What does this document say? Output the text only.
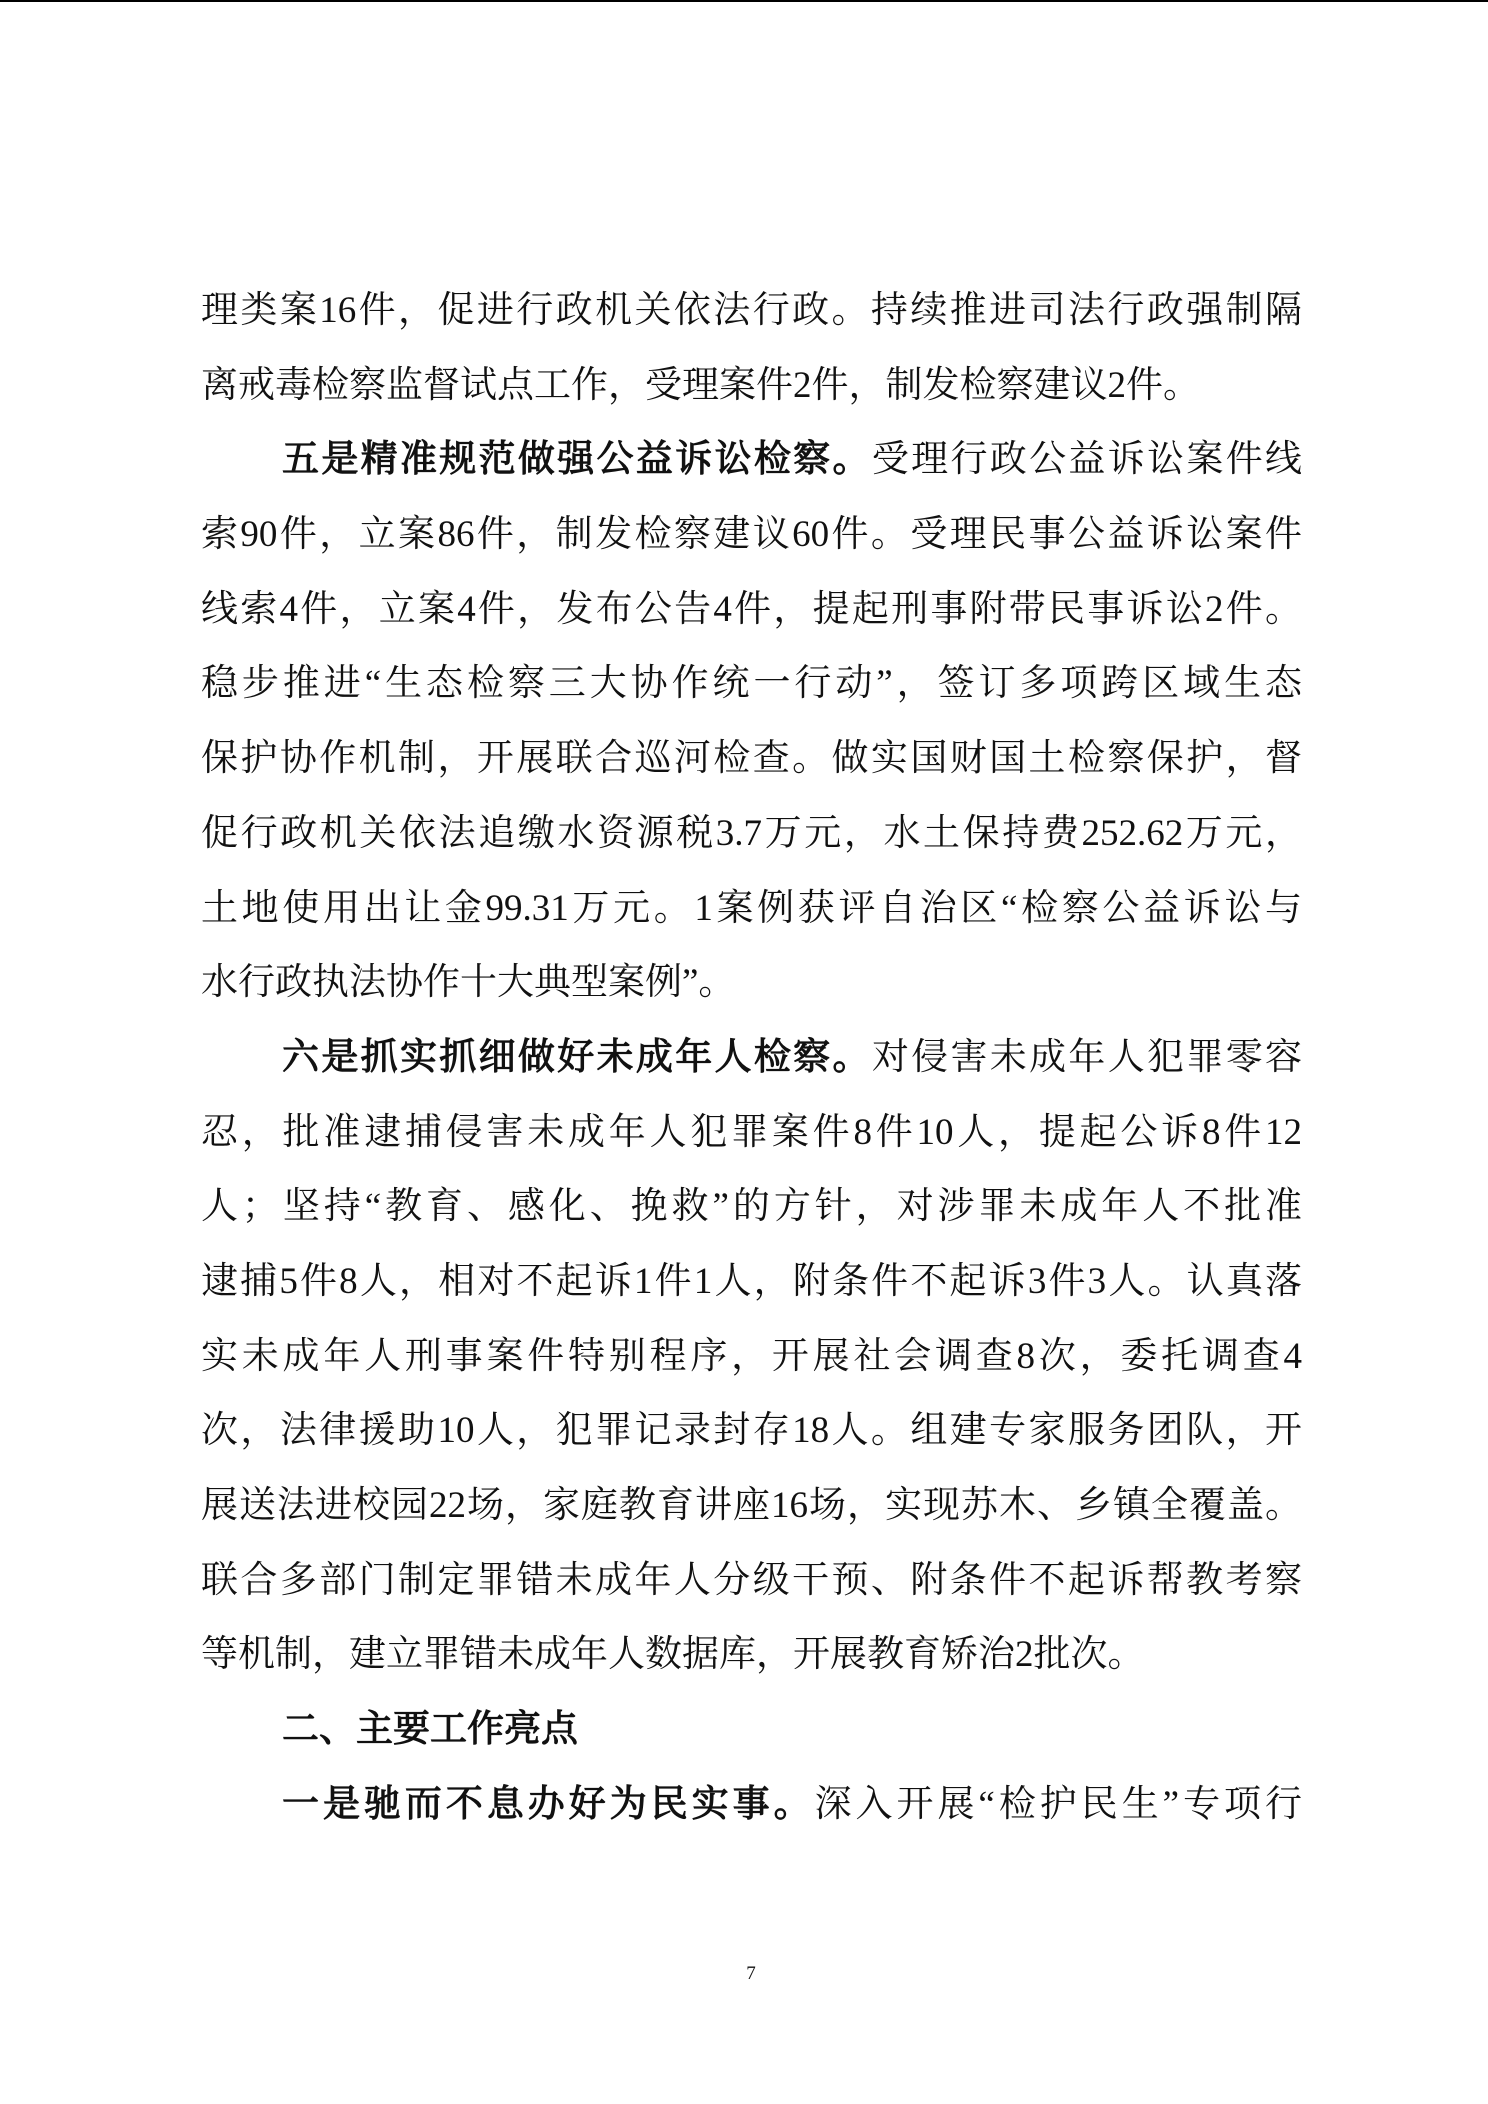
理类案16件，促进行政机关依法行政。持续推进司法行政强制隔
离戒毒检察监督试点工作，受理案件2件，制发检察建议2件。
五是精准规范做强公益诉讼检察。受理行政公益诉讼案件线
索90件，立案86件，制发检察建议60件。受理民事公益诉讼案件
线索4件，立案4件，发布公告4件，提起刑事附带民事诉讼2件。
稳步推进“生态检察三大协作统一行动”，签订多项跨区域生态
保护协作机制，开展联合巡河检查。做实国财国土检察保护，督
促行政机关依法追缴水资源税3.7万元，水土保持费252.62万元，
土地使用出让金99.31万元。1案例获评自治区“检察公益诉讼与
水行政执法协作十大典型案例”。
六是抓实抓细做好未成年人检察。对侵害未成年人犯罪零容
忍，批准逮捕侵害未成年人犯罪案件8件10人，提起公诉8件12
人；坚持“教育、感化、挽救”的方针，对涉罪未成年人不批准
逮捕5件8人，相对不起诉1件1人，附条件不起诉3件3人。认真落
实未成年人刑事案件特别程序，开展社会调查8次，委托调查4
次，法律援助10人，犯罪记录封存18人。组建专家服务团队，开
展送法进校园22场，家庭教育讲座16场，实现苏木、乡镇全覆盖。
联合多部门制定罪错未成年人分级干预、附条件不起诉帮教考察
等机制，建立罪错未成年人数据库，开展教育矫治2批次。
二、主要工作亮点
一是驰而不息办好为民实事。深入开展“检护民生”专项行
7
